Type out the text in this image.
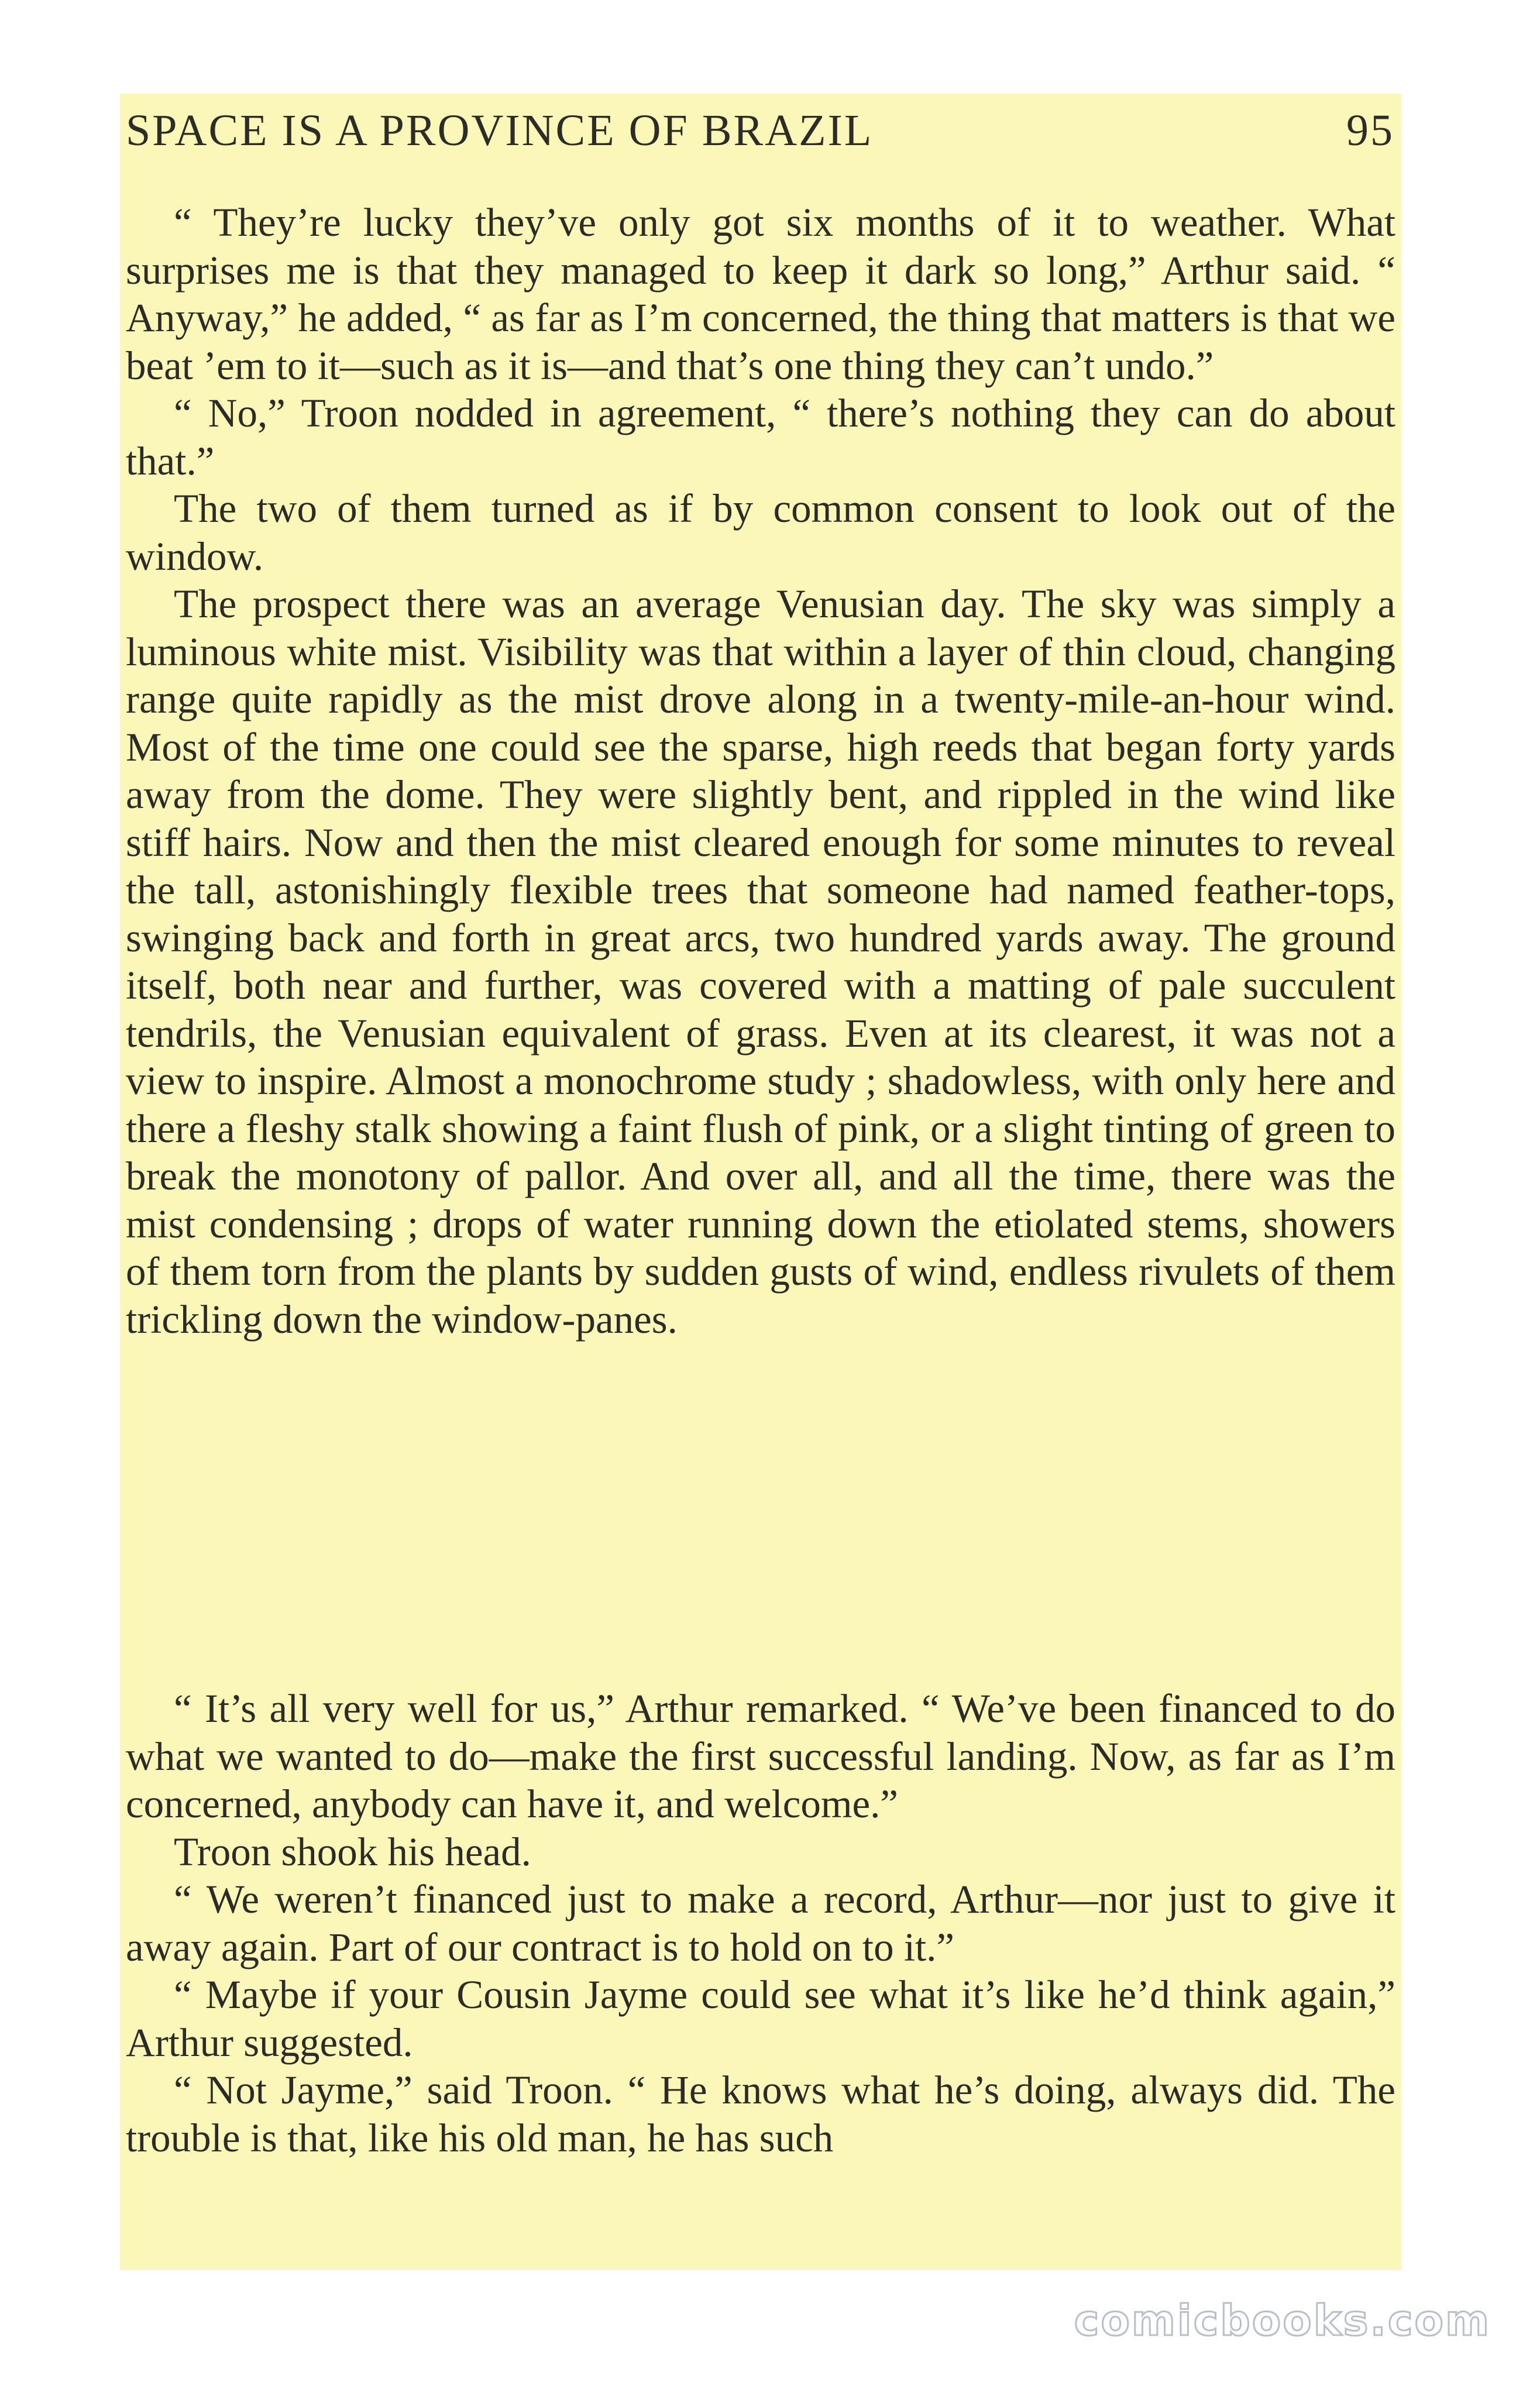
SPACE IS A PROVINCE OF BRAZIL	95

“ They’re lucky they’ve only got six months of it to weather. What surprises me is that they managed to keep it dark so long,” Arthur said. “ Anyway,” he added, “ as far as I’m concerned, the thing that matters is that we beat ’em to it—such as it is—and that’s one thing they can’t undo.”

“ No,” Troon nodded in agreement, “ there’s nothing they can do about that.”

The two of them turned as if by common consent to look out of the window.

The prospect there was an average Venusian day. The sky was simply a luminous white mist. Visibility was that within a layer of thin cloud, changing range quite rapidly as the mist drove along in a twenty-mile-an-hour wind. Most of the time one could see the sparse, high reeds that began forty yards away from the dome. They were slightly bent, and rippled in the wind like stiff hairs. Now and then the mist cleared enough for some minutes to reveal the tall, astonishingly flexible trees that someone had named feather-tops, swinging back and forth in great arcs, two hundred yards away. The ground itself, both near and further, was covered with a matting of pale succulent tendrils, the Venusian equivalent of grass. Even at its clearest, it was not a view to inspire. Almost a monochrome study ; shadowless, with only here and there a fleshy stalk showing a faint flush of pink, or a slight tinting of green to break the monotony of pallor. And over all, and all the time, there was the mist condensing ; drops of water running down the etiolated stems, showers of them torn from the plants by sudden gusts of wind, endless rivulets of them trickling down the window-panes.

“ It’s all very well for us,” Arthur remarked. “ We’ve been financed to do what we wanted to do—make the first successful landing. Now, as far as I’m concerned, anybody can have it, and welcome.”

Troon shook his head.

“ We weren’t financed just to make a record, Arthur—nor just to give it away again. Part of our contract is to hold on to it.”

“ Maybe if your Cousin Jayme could see what it’s like he’d think again,” Arthur suggested.

“ Not Jayme,” said Troon. “ He knows what he’s doing, always did. The trouble is that, like his old man, he has such

comicbooks.com
